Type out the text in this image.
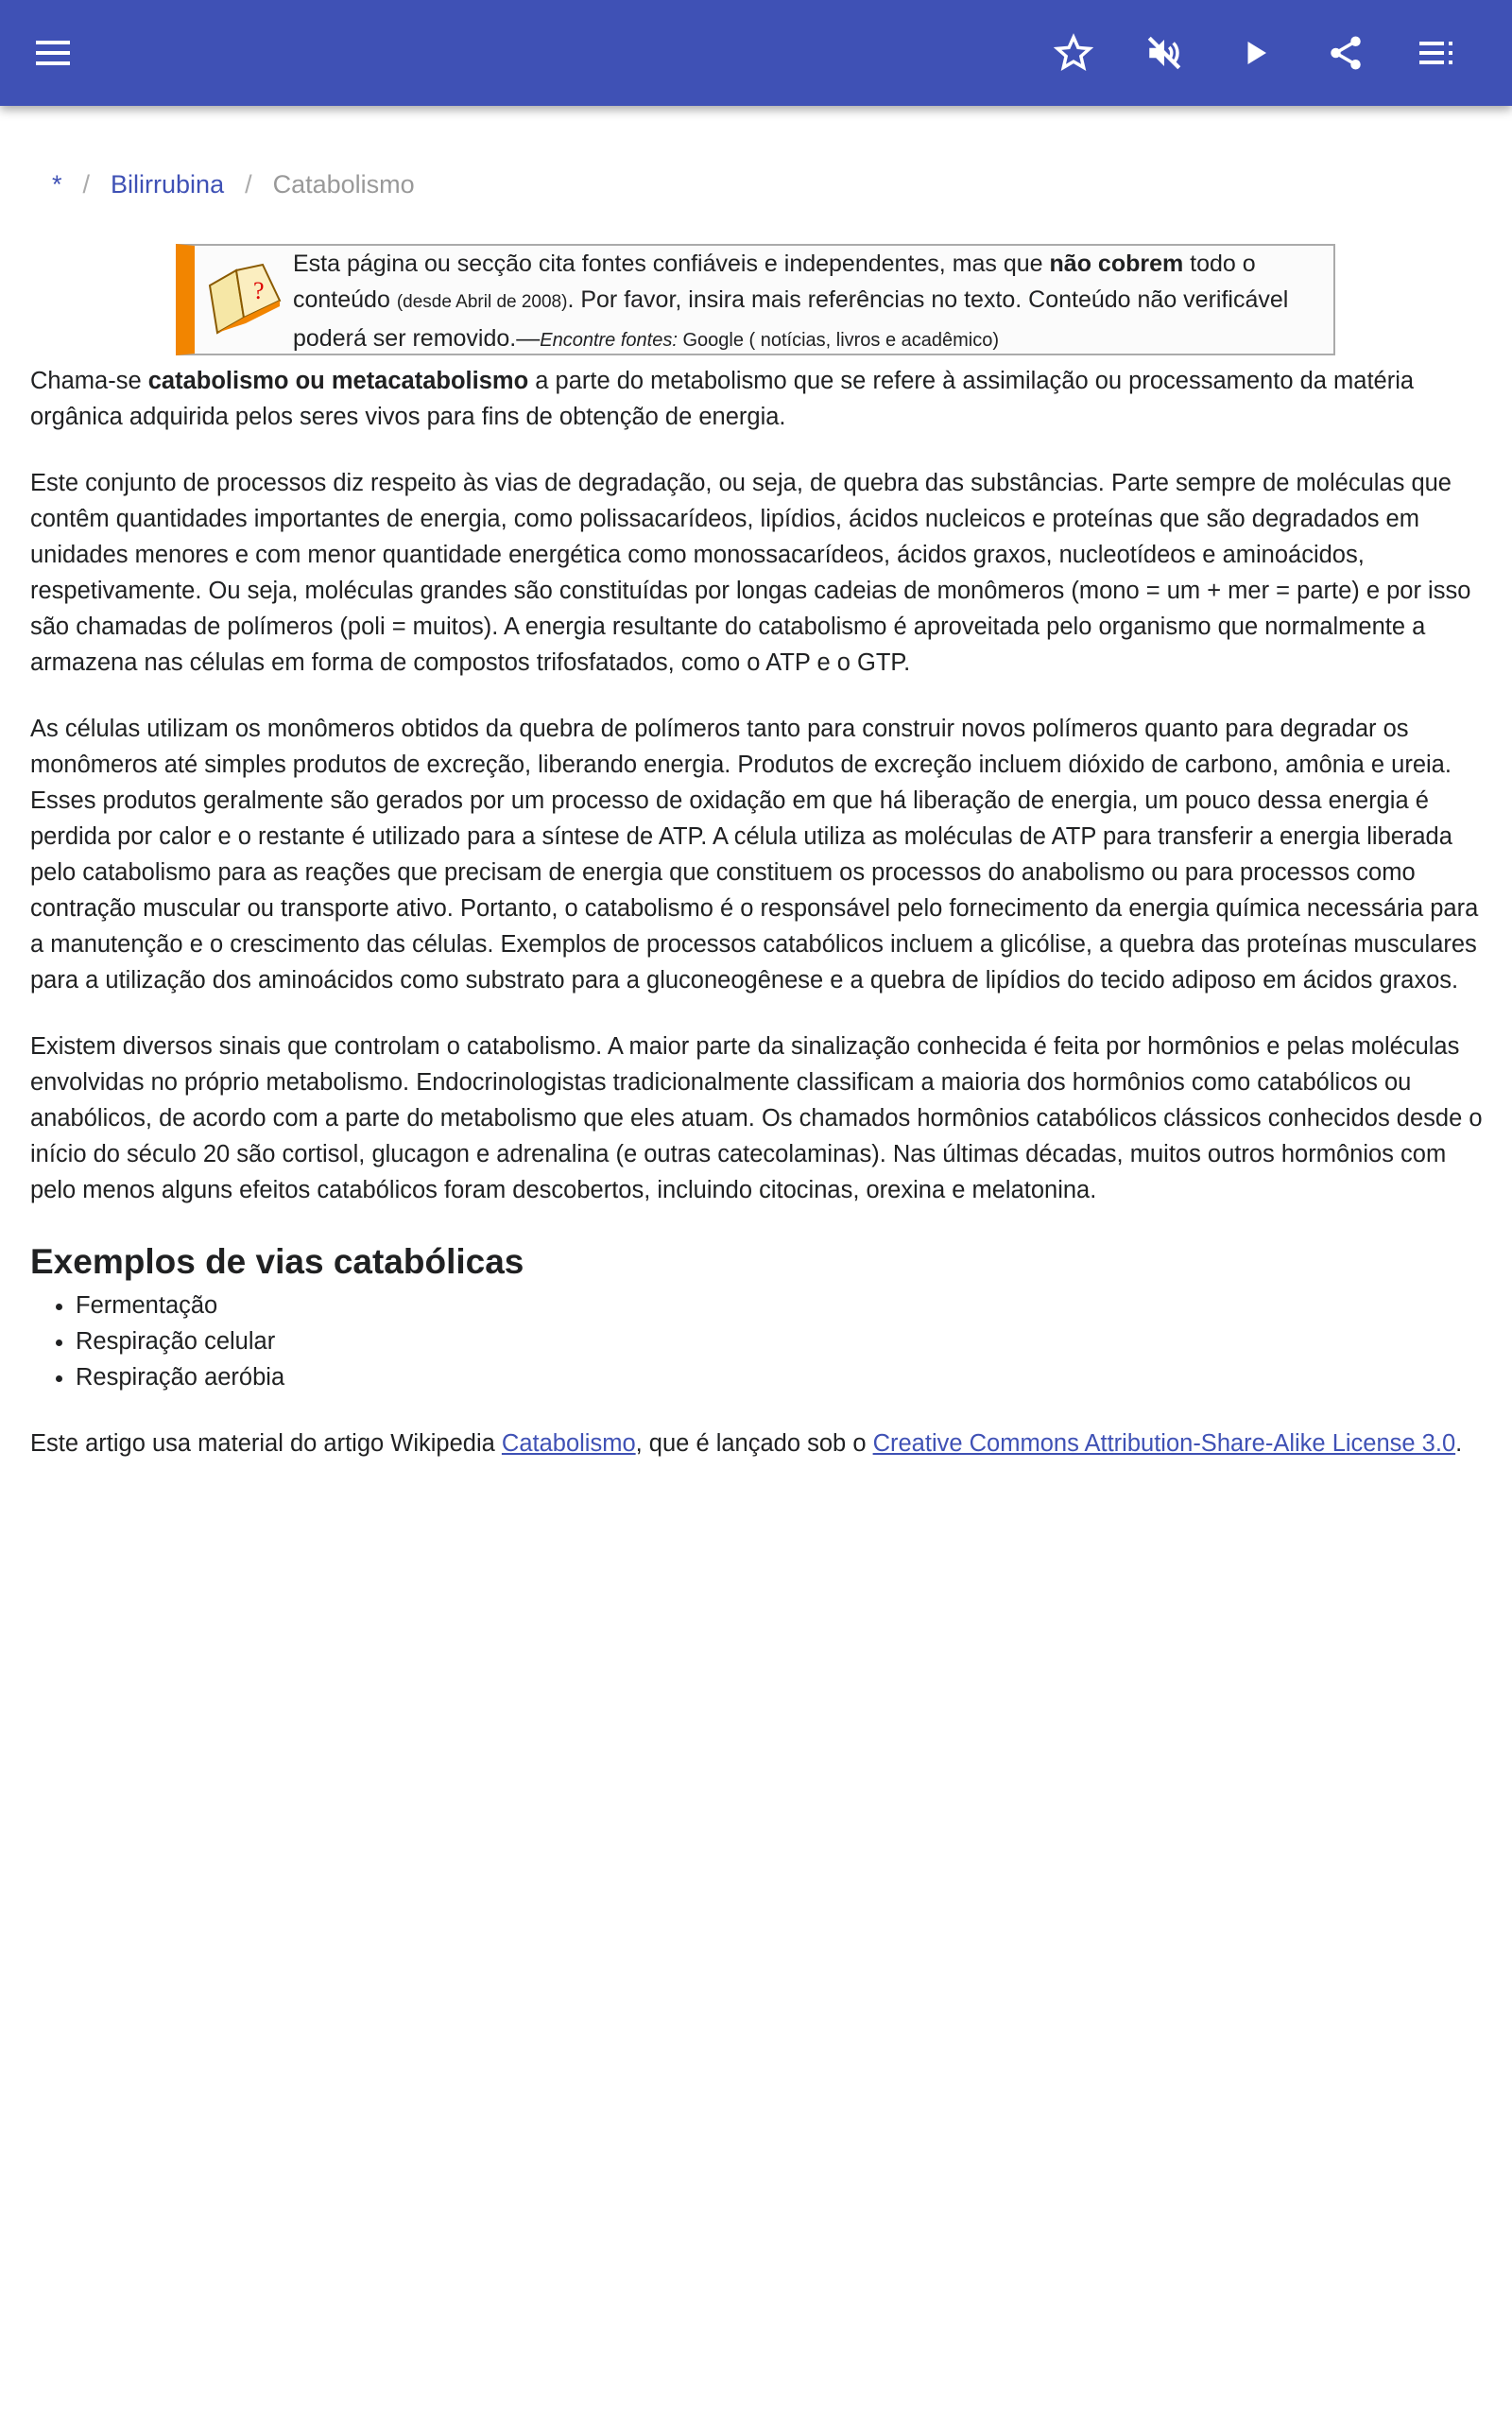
* / Bilirrubina / Catabolismo
?
Esta página ou secção cita fontes confiáveis e independentes, mas que não cobrem todo o conteúdo (desde Abril de 2008). Por favor, insira mais referências no texto. Conteúdo não verificável poderá ser removido.—Encontre fontes: Google ( notícias, livros e acadêmico)

Chama-se catabolismo ou metacatabolismo a parte do metabolismo que se refere à assimilação ou processamento da matéria orgânica adquirida pelos seres vivos para fins de obtenção de energia.

Este conjunto de processos diz respeito às vias de degradação, ou seja, de quebra das substâncias. Parte sempre de moléculas que contêm quantidades importantes de energia, como polissacarídeos, lipídios, ácidos nucleicos e proteínas que são degradados em unidades menores e com menor quantidade energética como monossacarídeos, ácidos graxos, nucleotídeos e aminoácidos, respetivamente. Ou seja, moléculas grandes são constituídas por longas cadeias de monômeros (mono = um + mer = parte) e por isso são chamadas de polímeros (poli = muitos). A energia resultante do catabolismo é aproveitada pelo organismo que normalmente a armazena nas células em forma de compostos trifosfatados, como o ATP e o GTP.

As células utilizam os monômeros obtidos da quebra de polímeros tanto para construir novos polímeros quanto para degradar os monômeros até simples produtos de excreção, liberando energia. Produtos de excreção incluem dióxido de carbono, amônia e ureia. Esses produtos geralmente são gerados por um processo de oxidação em que há liberação de energia, um pouco dessa energia é perdida por calor e o restante é utilizado para a síntese de ATP. A célula utiliza as moléculas de ATP para transferir a energia liberada pelo catabolismo para as reações que precisam de energia que constituem os processos do anabolismo ou para processos como contração muscular ou transporte ativo. Portanto, o catabolismo é o responsável pelo fornecimento da energia química necessária para a manutenção e o crescimento das células. Exemplos de processos catabólicos incluem a glicólise, a quebra das proteínas musculares para a utilização dos aminoácidos como substrato para a gluconeogênese e a quebra de lipídios do tecido adiposo em ácidos graxos.

Existem diversos sinais que controlam o catabolismo. A maior parte da sinalização conhecida é feita por hormônios e pelas moléculas envolvidas no próprio metabolismo. Endocrinologistas tradicionalmente classificam a maioria dos hormônios como catabólicos ou anabólicos, de acordo com a parte do metabolismo que eles atuam. Os chamados hormônios catabólicos clássicos conhecidos desde o início do século 20 são cortisol, glucagon e adrenalina (e outras catecolaminas). Nas últimas décadas, muitos outros hormônios com pelo menos alguns efeitos catabólicos foram descobertos, incluindo citocinas, orexina e melatonina.

Exemplos de vias catabólicas
• Fermentação
• Respiração celular
• Respiração aeróbia

Este artigo usa material do artigo Wikipedia Catabolismo, que é lançado sob o Creative Commons Attribution-Share-Alike License 3.0.
